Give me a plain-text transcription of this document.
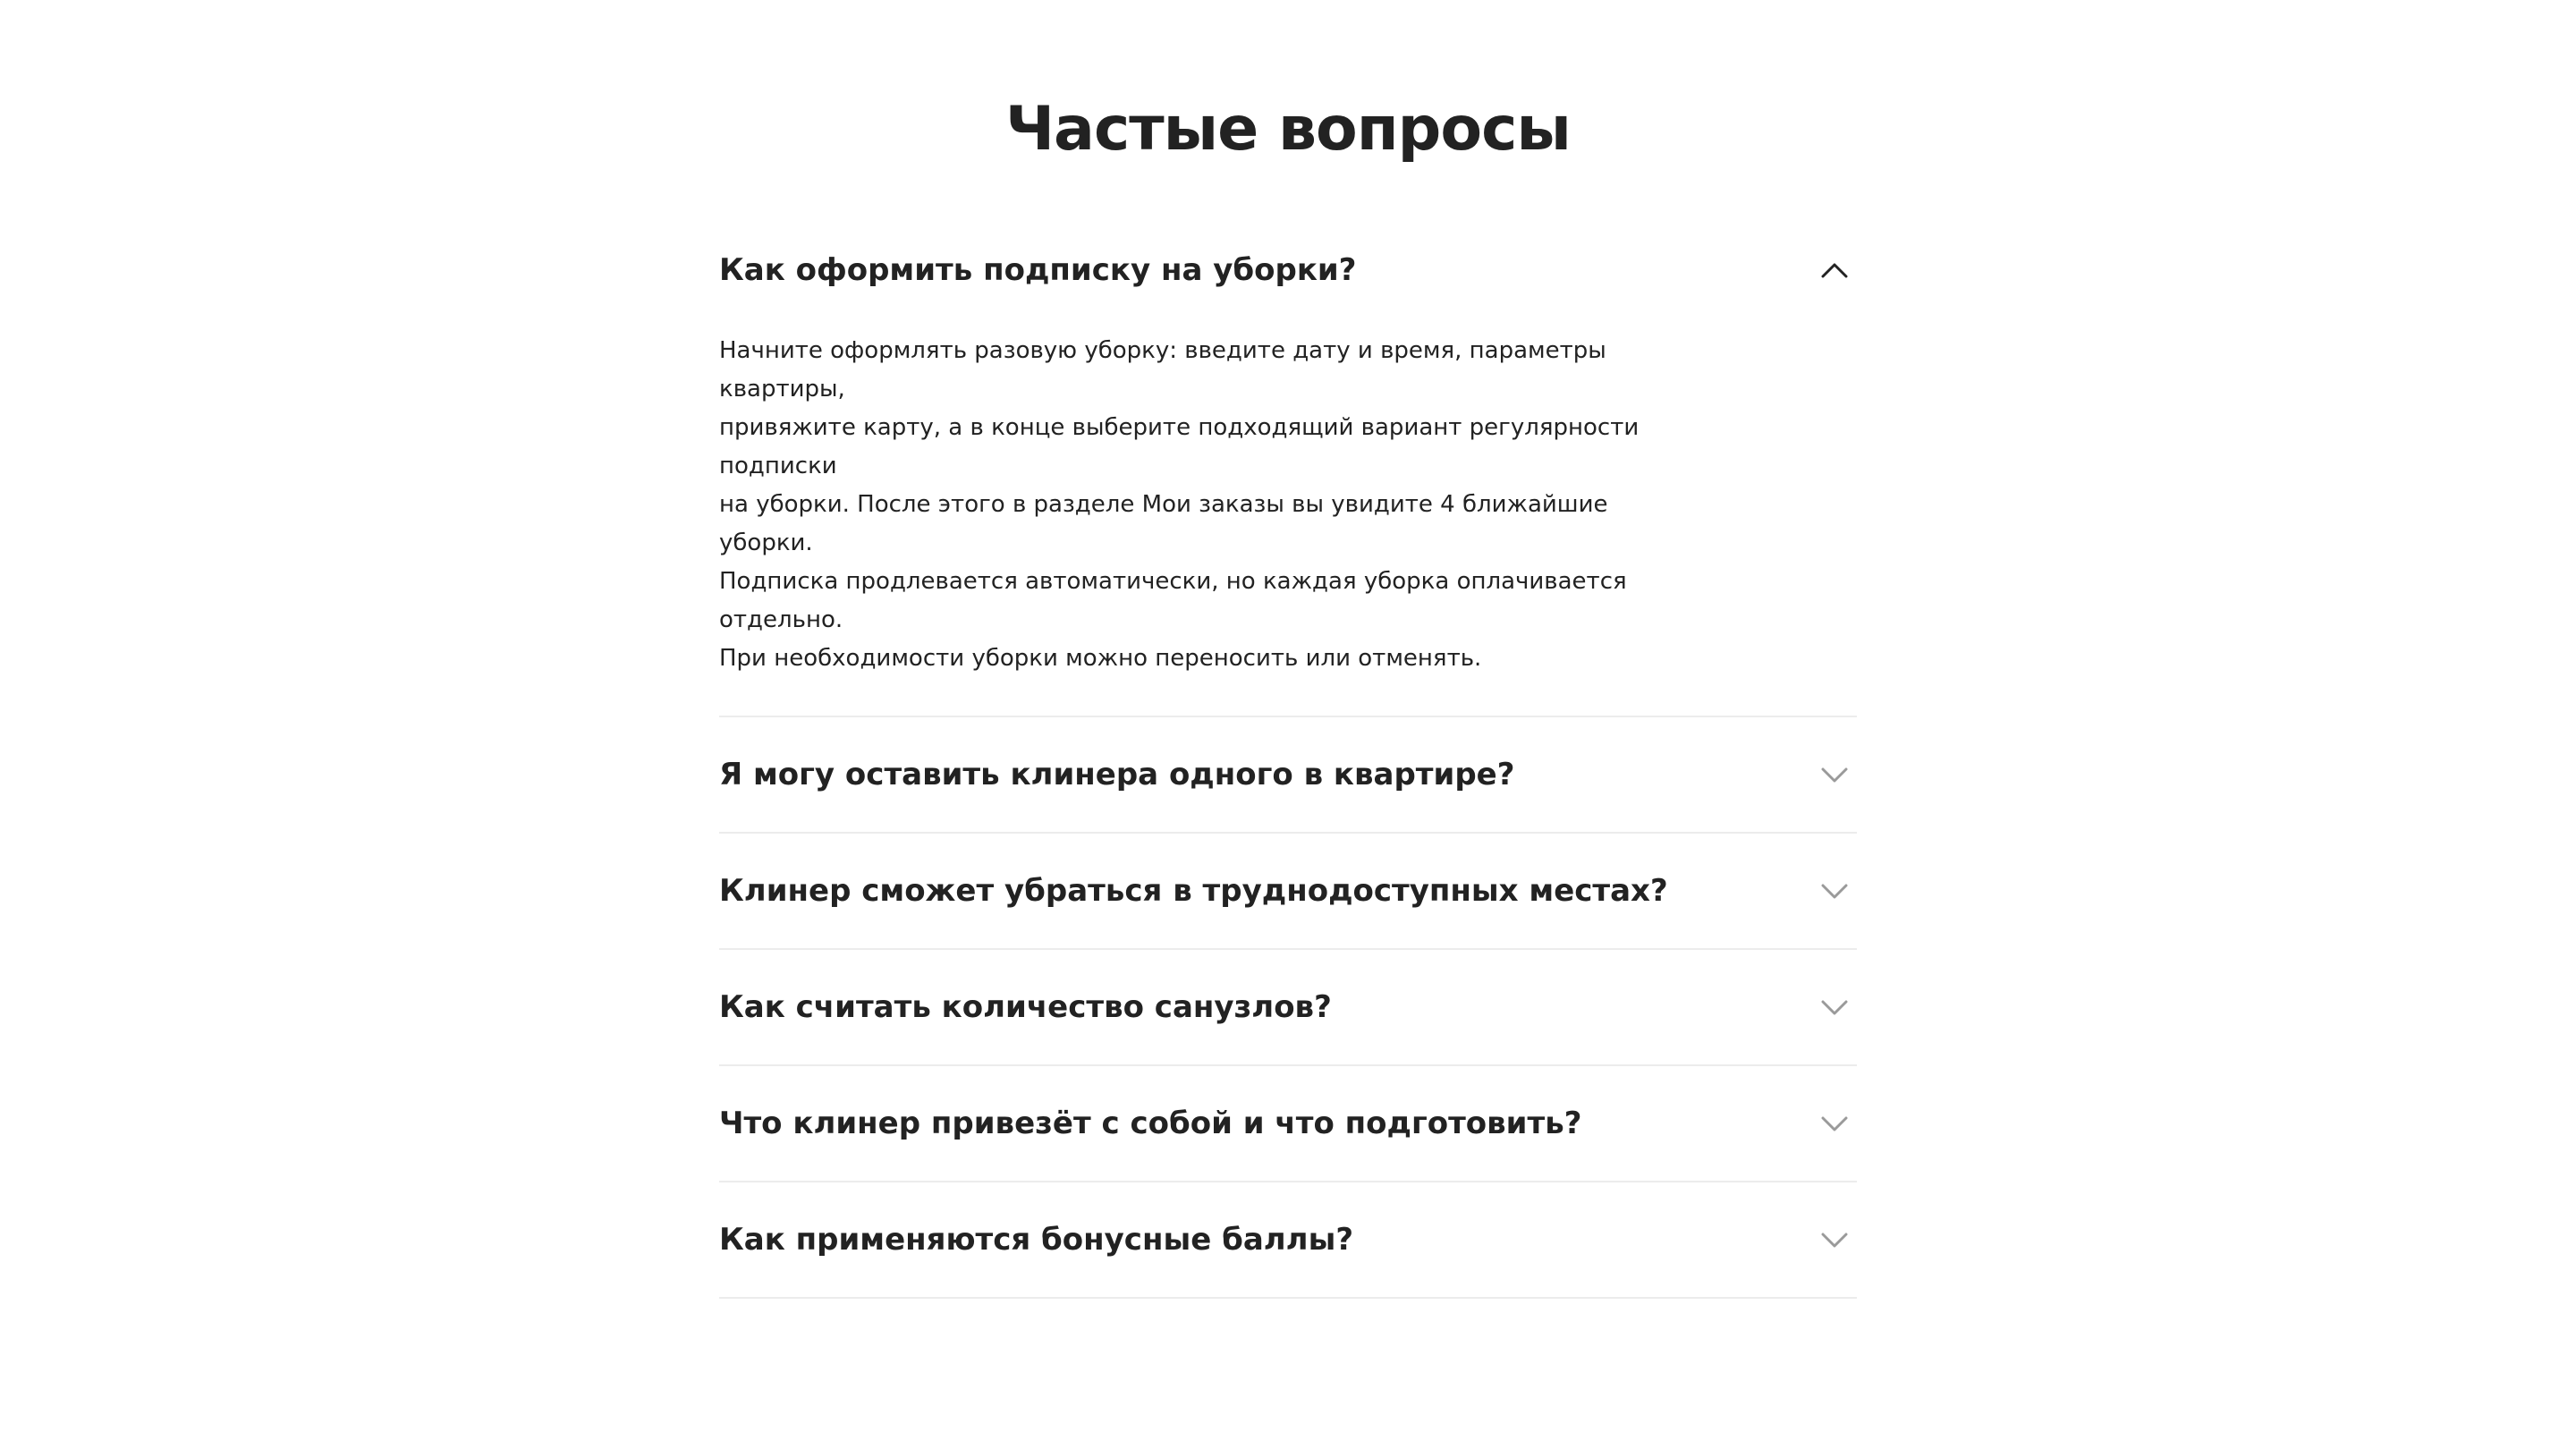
Частые вопросы
Как оформить подписку на уборки?

Начните оформлять разовую уборку: введите дату и время, параметры квартиры,

привяжите карту, а в конце выберите подходящий вариант регулярности подписки

на уборки. После этого в разделе Мои заказы вы увидите 4 ближайшие уборки.

Подписка продлевается автоматически, но каждая уборка оплачивается отдельно.

При необходимости уборки можно переносить или отменять.

Я могу оставить клинера одного в квартире?
Клинер сможет убраться в труднодоступных местах?
Как считать количество санузлов?
Что клинер привезёт с собой и что подготовить?
Как применяются бонусные баллы?
